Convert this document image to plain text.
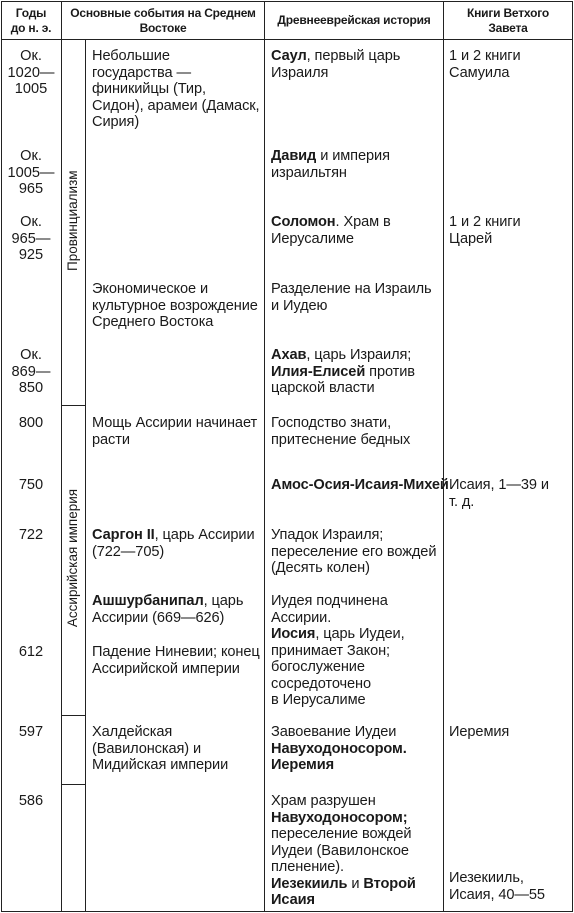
Годы
до н. э.
Основные события на Среднем
Востоке
Древнееврейская история	Книги Ветхого
Завета
Провинциализм
Ассирийская империя
Ок.
1020—
1005
Ок.
1005—
965
Ок.
965—
925
Ок.
869—
850
800
750
722
612
597
586
Небольшие
государства —
финикийцы (Тир,
Сидон), арамеи (Дамаск,
Сирия)
Экономическое и
культурное возрождение
Среднего Востока
Мощь Ассирии начинает
расти
Саргон II, царь Ассирии
(722—705)
Ашшурбанипал, царь
Ассирии (669—626)
Падение Ниневии; конец
Ассирийской империи
Халдейская
(Вавилонская) и
Мидийская империи
Саул, первый царь
Израиля
Давид и империя
израильтян
Соломон. Храм в
Иерусалиме
Разделение на Израиль
и Иудею
Ахав, царь Израиля;
Илия-Елисей против
царской власти
Господство знати,
притеснение бедных
Амос-Осия-Исаия-Михей
Упадок Израиля;
переселение его вождей
(Десять колен)
Иудея подчинена
Ассирии.
Иосия, царь Иудеи,
принимает Закон;
богослужение
сосредоточено
в Иерусалиме
Завоевание Иудеи
Навуходоносором.
Иеремия
Храм разрушен
Навуходоносором;
переселение вождей
Иудеи (Вавилонское
пленение).
Иезекииль и Второй
Исаия
1 и 2 книги
Самуила
1 и 2 книги
Царей
Исаия, 1—39 и
т. д.
Иеремия
Иезекииль,
Исаия, 40—55
